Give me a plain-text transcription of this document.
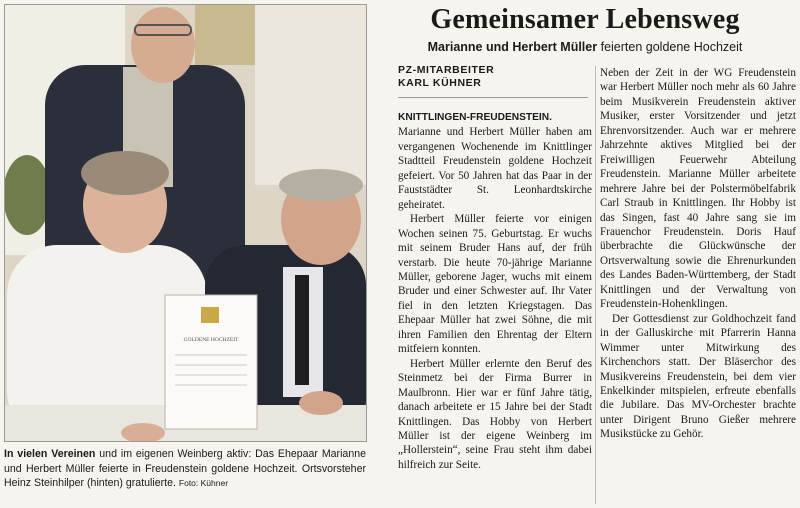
GOLDENE HOCHZEIT
In vielen Vereinen und im eigenen Weinberg aktiv: Das Ehepaar Marianne und Herbert Müller feierte in Freudenstein goldene Hochzeit. Ortsvorsteher Heinz Steinhilper (hinten) gratulierte. Foto: Kühner
Gemeinsamer Lebensweg
Marianne und Herbert Müller feierten goldene Hochzeit
PZ-MITARBEITER
KARL KÜHNER

KNITTLINGEN-FREUDENSTEIN. Marianne und Herbert Müller haben am vergangenen Wochenende im Knittlinger Stadtteil Freudenstein goldene Hochzeit gefeiert. Vor 50 Jahren hat das Paar in der Fauststädter St. Leonhardtskirche geheiratet.

Herbert Müller feierte vor einigen Wochen seinen 75. Geburtstag. Er wuchs mit seinem Bruder Hans auf, der früh verstarb. Die heute 70-jährige Marianne Müller, geborene Jager, wuchs mit einem Bruder und einer Schwester auf. Ihr Vater fiel in den letzten Kriegstagen. Das Ehepaar Müller hat zwei Söhne, die mit ihren Familien den Ehrentag der Eltern mitfeiern konnten.

Herbert Müller erlernte den Beruf des Steinmetz bei der Firma Burrer in Maulbronn. Hier war er fünf Jahre tätig, danach arbeitete er 15 Jahre bei der Stadt Knittlingen. Das Hobby von Herbert Müller ist der eigene Weinberg im „Hollerstein“, seine Frau steht ihm dabei hilfreich zur Seite.

Neben der Zeit in der WG Freudenstein war Herbert Müller noch mehr als 60 Jahre beim Musikverein Freudenstein aktiver Musiker, erster Vorsitzender und jetzt Ehrenvorsitzender. Auch war er mehrere Jahrzehnte aktives Mitglied bei der Freiwilligen Feuerwehr Abteilung Freudenstein. Marianne Müller arbeitete mehrere Jahre bei der Polstermöbelfabrik Carl Straub in Knittlingen. Ihr Hobby ist das Singen, fast 40 Jahre sang sie im Frauenchor Freudenstein. Doris Hauf überbrachte die Glückwünsche der Ortsverwaltung sowie die Ehrenurkunden des Landes Baden-Württemberg, der Stadt Knittlingen und der Verwaltung von Freudenstein-Hohenklingen.

Der Gottesdienst zur Goldhochzeit fand in der Galluskirche mit Pfarrerin Hanna Wimmer unter Mitwirkung des Kirchenchors statt. Der Bläserchor des Musikvereins Freudenstein, bei dem vier Enkelkinder mitspielen, erfreute ebenfalls die Jubilare. Das MV-Orchester brachte unter Dirigent Bruno Gießer mehrere Musikstücke zu Gehör.
